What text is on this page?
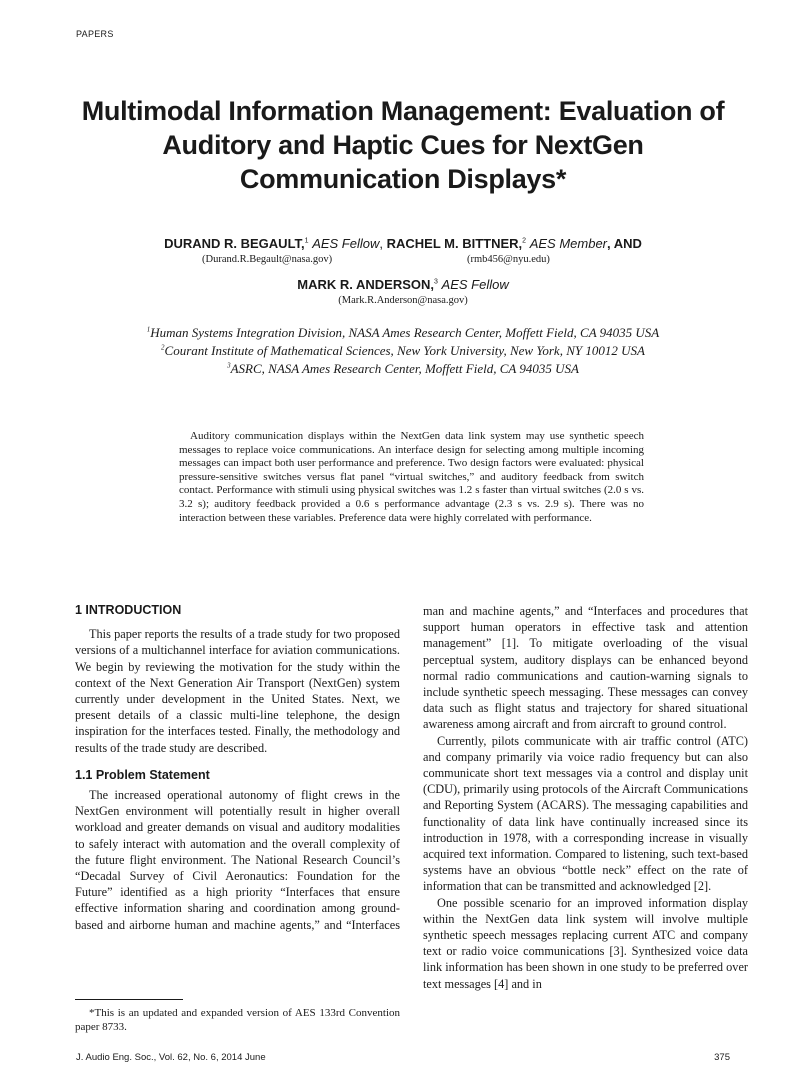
PAPERS
Multimodal Information Management: Evaluation of
Auditory and Haptic Cues for NextGen
Communication Displays*
DURAND R. BEGAULT,$^1$ AES Fellow, RACHEL M. BITTNER,$^2$ AES Member, AND
(Durand.R.Begault@nasa.gov)	(rmb456@nyu.edu)
MARK R. ANDERSON,$^3$ AES Fellow
(Mark.R.Anderson@nasa.gov)
$^1$Human Systems Integration Division, NASA Ames Research Center, Moffett Field, CA 94035 USA
$^2$Courant Institute of Mathematical Sciences, New York University, New York, NY 10012 USA
$^3$ASRC, NASA Ames Research Center, Moffett Field, CA 94035 USA

Auditory communication displays within the NextGen data link system may use synthetic speech messages to replace voice communications. An interface design for selecting among multiple incoming messages can impact both user performance and preference. Two design factors were evaluated: physical pressure-sensitive switches versus flat panel “virtual switches,” and auditory feedback from switch contact. Performance with stimuli using physical switches was 1.2 s faster than virtual switches (2.0 s vs. 3.2 s); auditory feedback provided a 0.6 s performance advantage (2.3 s vs. 2.9 s). There was no interaction between these variables. Preference data were highly correlated with performance.

1 INTRODUCTION

This paper reports the results of a trade study for two proposed versions of a multichannel interface for aviation communications. We begin by reviewing the motivation for the study within the context of the Next Generation Air Transport (NextGen) system currently under development in the United States. Next, we present details of a classic multi-line telephone, the design inspiration for the interfaces tested. Finally, the methodology and results of the trade study are described.

1.1 Problem Statement

The increased operational autonomy of flight crews in the NextGen environment will potentially result in higher overall workload and greater demands on visual and auditory modalities to safely interact with automation and the overall complexity of the future flight environment. The National Research Council’s “Decadal Survey of Civil Aeronautics: Foundation for the Future” identified as a high priority “Interfaces that ensure effective information sharing and coordination among ground-based and airborne human and machine agents,” and “Interfaces

man and machine agents,” and “Interfaces and procedures that support human operators in effective task and attention management” [1]. To mitigate overloading of the visual perceptual system, auditory displays can be enhanced beyond normal radio communications and caution-warning signals to include synthetic speech messaging. These messages can convey data such as flight status and trajectory for shared situational awareness among aircraft and from aircraft to ground control.

Currently, pilots communicate with air traffic control (ATC) and company primarily via voice radio frequency but can also communicate short text messages via a control and display unit (CDU), primarily using protocols of the Aircraft Communications and Reporting System (ACARS). The messaging capabilities and functionality of data link have continually increased since its introduction in 1978, with a corresponding increase in visually acquired text information. Compared to listening, such text-based systems have an obvious “bottle neck” effect on the rate of information that can be transmitted and acknowledged [2].

One possible scenario for an improved information display within the NextGen data link system will involve multiple synthetic speech messages replacing current ATC and company text or radio voice communications [3]. Synthesized voice data link information has been shown in one study to be preferred over text messages [4] and in

*This is an updated and expanded version of AES 133rd Convention paper 8733.

J. Audio Eng. Soc., Vol. 62, No. 6, 2014 June	375
